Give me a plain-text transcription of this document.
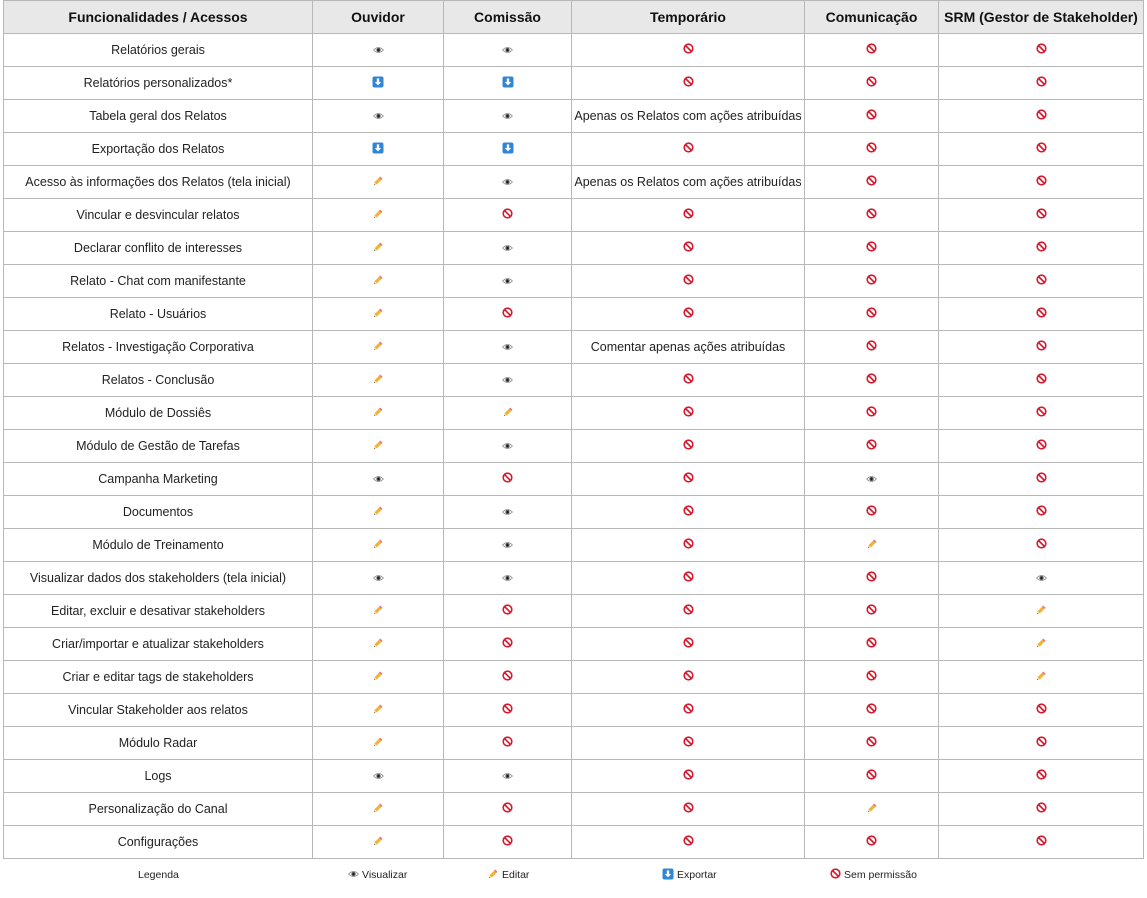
Funcionalidades / Acessos	Ouvidor	Comissão	Temporário	Comunicação	SRM (Gestor de Stakeholder)
Relatórios gerais					
Relatórios personalizados*					
Tabela geral dos Relatos			Apenas os Relatos com ações atribuídas		
Exportação dos Relatos					
Acesso às informações dos Relatos (tela inicial)			Apenas os Relatos com ações atribuídas		
Vincular e desvincular relatos					
Declarar conflito de interesses					
Relato - Chat com manifestante					
Relato - Usuários					
Relatos - Investigação Corporativa			Comentar apenas ações atribuídas		
Relatos - Conclusão					
Módulo de Dossiês					
Módulo de Gestão de Tarefas					
Campanha Marketing					
Documentos					
Módulo de Treinamento					
Visualizar dados dos stakeholders (tela inicial)					
Editar, excluir e desativar stakeholders					
Criar/importar e atualizar stakeholders					
Criar e editar tags de stakeholders					
Vincular Stakeholder aos relatos					
Módulo Radar					
Logs					
Personalização do Canal					
Configurações					
Legenda	Visualizar	Editar	Exportar	Sem permissão
